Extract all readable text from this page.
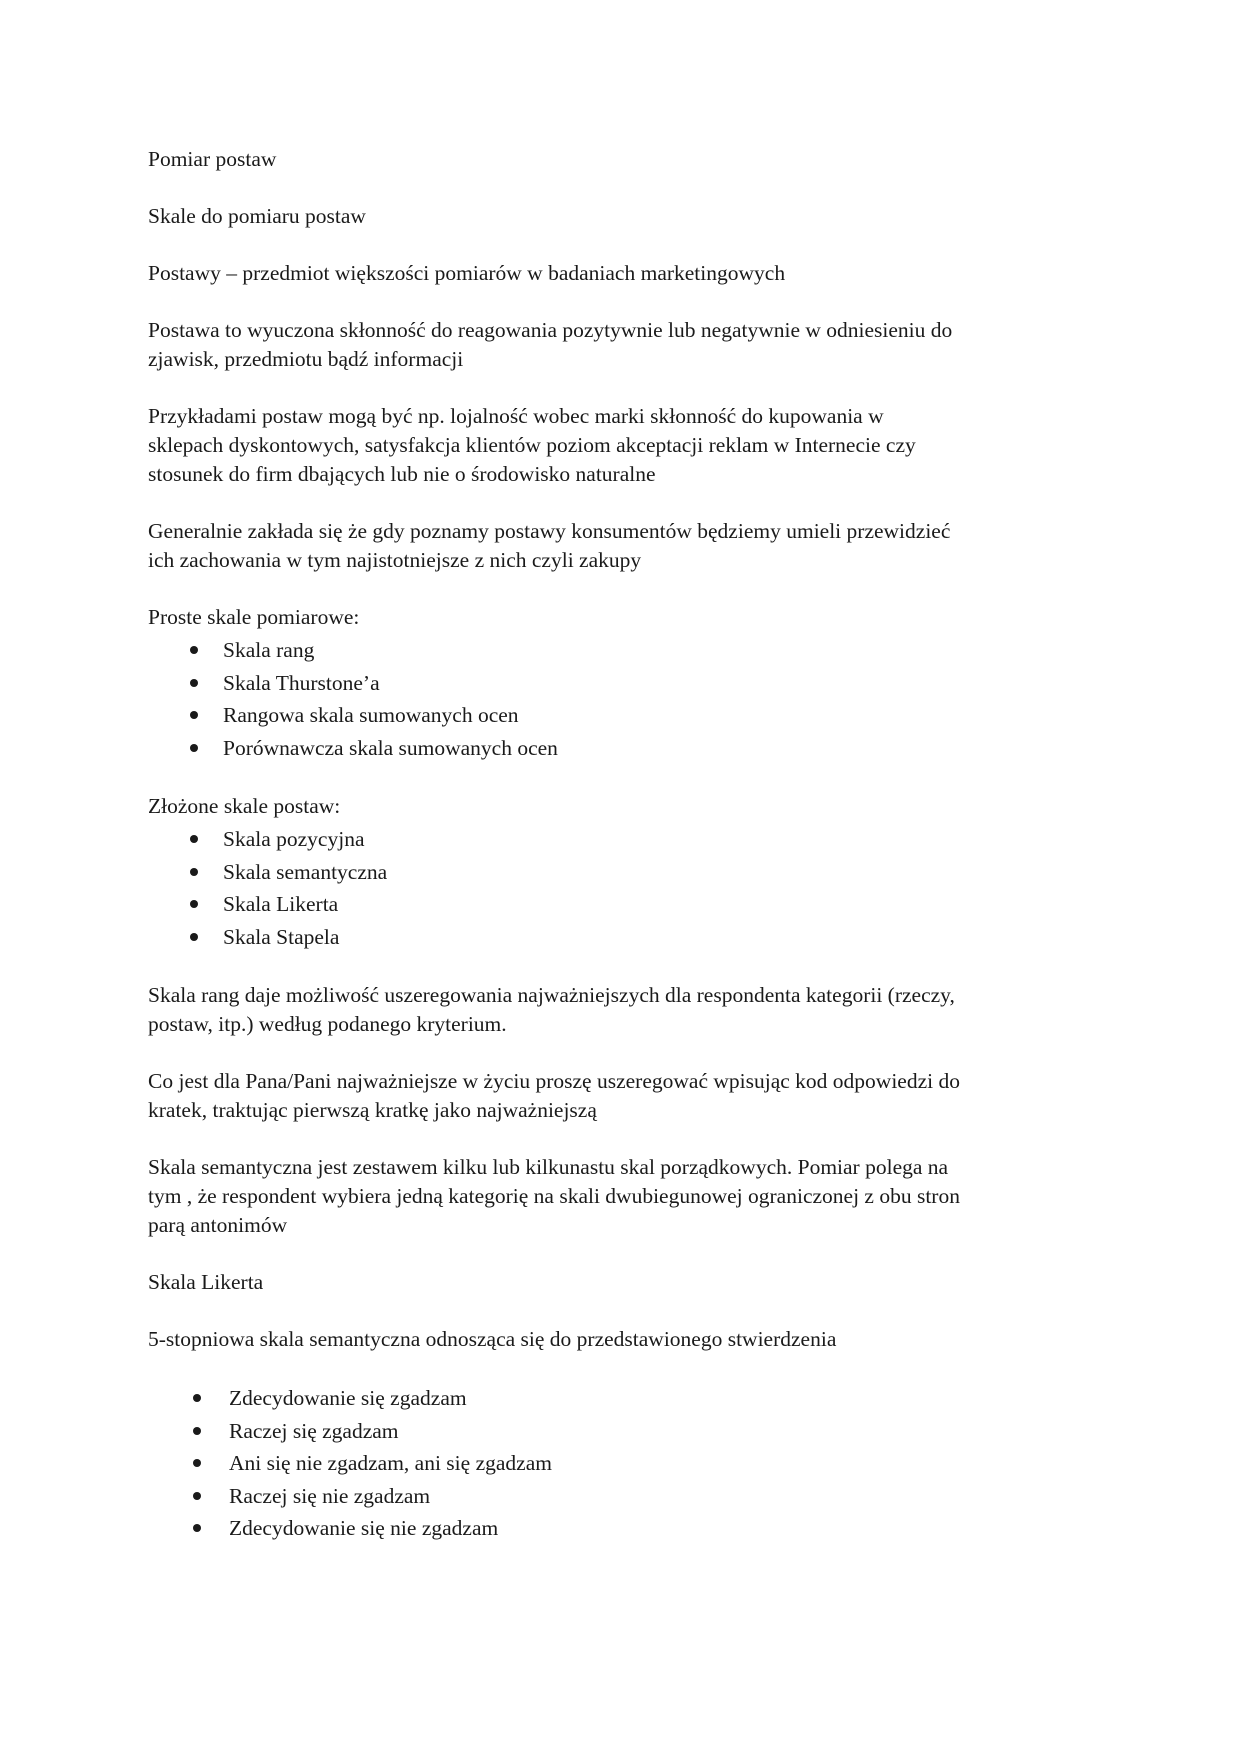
Pomiar postaw
Skale do pomiaru postaw
Postawy – przedmiot większości pomiarów w badaniach marketingowych
Postawa to wyuczona skłonność do reagowania pozytywnie lub negatywnie w odniesieniu do
zjawisk, przedmiotu bądź informacji
Przykładami postaw mogą być np. lojalność wobec marki skłonność do kupowania w
sklepach dyskontowych, satysfakcja klientów poziom akceptacji reklam w Internecie czy
stosunek do firm dbających lub nie o środowisko naturalne
Generalnie zakłada się że gdy poznamy postawy konsumentów będziemy umieli przewidzieć
ich zachowania w tym najistotniejsze z nich czyli zakupy
Proste skale pomiarowe:
Skala rang
Skala Thurstone’a
Rangowa skala sumowanych ocen
Porównawcza skala sumowanych ocen
Złożone skale postaw:
Skala pozycyjna
Skala semantyczna
Skala Likerta
Skala Stapela
Skala rang daje możliwość uszeregowania najważniejszych dla respondenta kategorii (rzeczy,
postaw, itp.) według podanego kryterium.
Co jest dla Pana/Pani najważniejsze w życiu proszę uszeregować wpisując kod odpowiedzi do
kratek, traktując pierwszą kratkę jako najważniejszą
Skala semantyczna jest zestawem kilku lub kilkunastu skal porządkowych. Pomiar polega na
tym , że respondent wybiera jedną kategorię na skali dwubiegunowej ograniczonej z obu stron
parą antonimów
Skala Likerta
5-stopniowa skala semantyczna odnosząca się do przedstawionego stwierdzenia
Zdecydowanie się zgadzam
Raczej się zgadzam
Ani się nie zgadzam, ani się zgadzam
Raczej się nie zgadzam
Zdecydowanie się nie zgadzam
